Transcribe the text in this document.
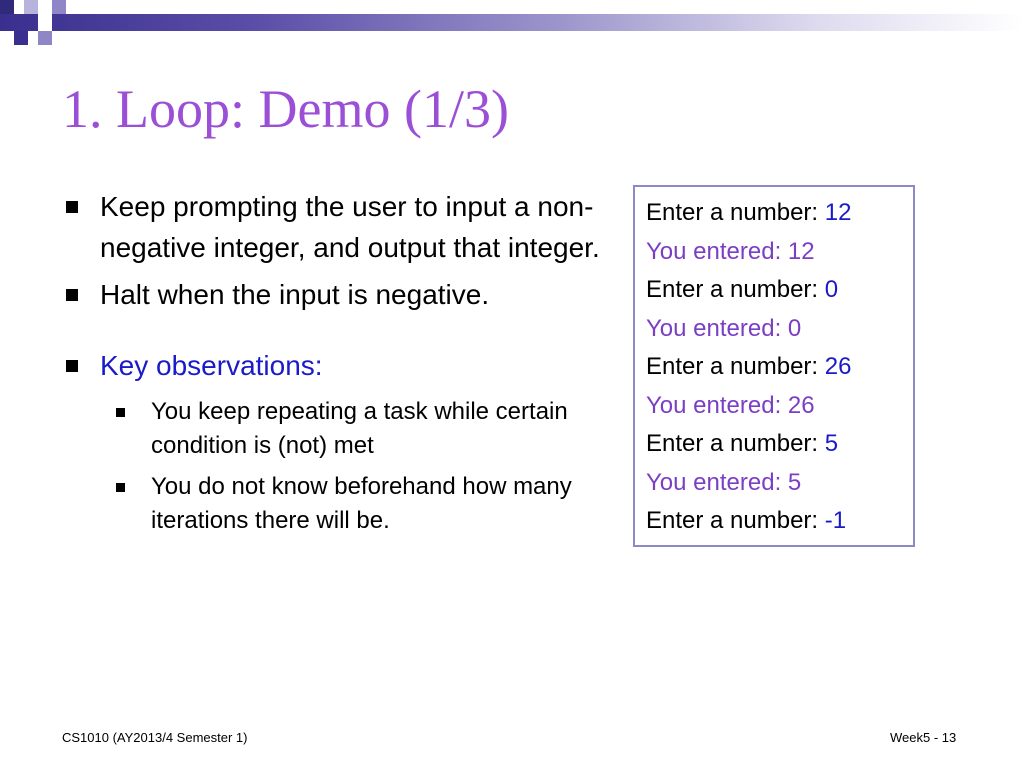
1. Loop: Demo (1/3)
Keep prompting the user to input a non-negative integer, and output that integer.
Halt when the input is negative.
Key observations:
You keep repeating a task while certain condition is (not) met
You do not know beforehand how many iterations there will be.
Enter a number: 12
You entered: 12
Enter a number: 0
You entered: 0
Enter a number: 26
You entered: 26
Enter a number: 5
You entered: 5
Enter a number: -1
CS1010 (AY2013/4 Semester 1)	Week5 - 13
